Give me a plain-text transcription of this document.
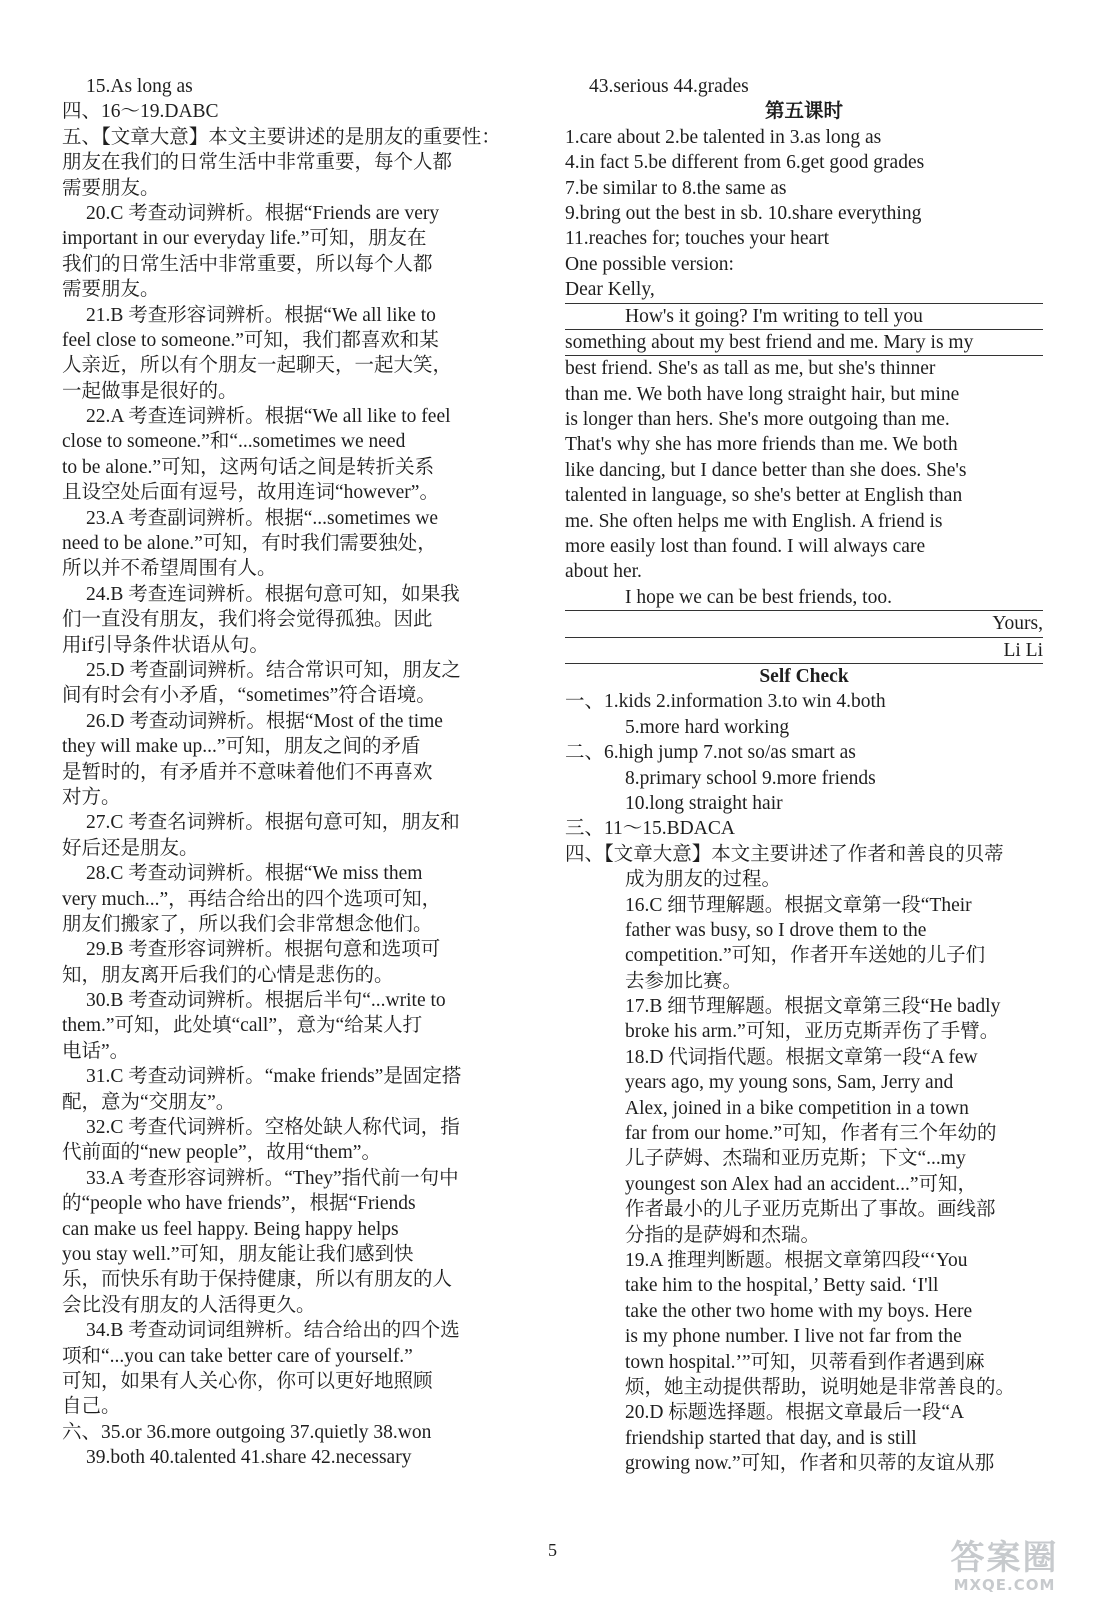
15.As long as
四、16～19.DABC
五、【文章大意】本文主要讲述的是朋友的重要性：
朋友在我们的日常生活中非常重要，每个人都
需要朋友。
20.C 考查动词辨析。根据“Friends are very
important in our everyday life.”可知，朋友在
我们的日常生活中非常重要，所以每个人都
需要朋友。
21.B 考查形容词辨析。根据“We all like to
feel close to someone.”可知，我们都喜欢和某
人亲近，所以有个朋友一起聊天，一起大笑，
一起做事是很好的。
22.A 考查连词辨析。根据“We all like to feel
close to someone.”和“...sometimes we need
to be alone.”可知，这两句话之间是转折关系
且设空处后面有逗号，故用连词“however”。
23.A 考查副词辨析。根据“...sometimes we
need to be alone.”可知，有时我们需要独处，
所以并不希望周围有人。
24.B 考查连词辨析。根据句意可知，如果我
们一直没有朋友，我们将会觉得孤独。因此
用if引导条件状语从句。
25.D 考查副词辨析。结合常识可知，朋友之
间有时会有小矛盾，“sometimes”符合语境。
26.D 考查动词辨析。根据“Most of the time
they will make up...”可知，朋友之间的矛盾
是暂时的，有矛盾并不意味着他们不再喜欢
对方。
27.C 考查名词辨析。根据句意可知，朋友和
好后还是朋友。
28.C 考查动词辨析。根据“We miss them
very much...”，再结合给出的四个选项可知，
朋友们搬家了，所以我们会非常想念他们。
29.B 考查形容词辨析。根据句意和选项可
知，朋友离开后我们的心情是悲伤的。
30.B 考查动词辨析。根据后半句“...write to
them.”可知，此处填“call”，意为“给某人打
电话”。
31.C 考查动词辨析。“make friends”是固定搭
配，意为“交朋友”。
32.C 考查代词辨析。空格处缺人称代词，指
代前面的“new people”，故用“them”。
33.A 考查形容词辨析。“They”指代前一句中
的“people who have friends”，根据“Friends
can make us feel happy. Being happy helps
you stay well.”可知，朋友能让我们感到快
乐，而快乐有助于保持健康，所以有朋友的人
会比没有朋友的人活得更久。
34.B 考查动词词组辨析。结合给出的四个选
项和“...you can take better care of yourself.”
可知，如果有人关心你，你可以更好地照顾
自己。
六、35.or 36.more outgoing 37.quietly 38.won
39.both 40.talented 41.share 42.necessary
43.serious 44.grades
第五课时
1.care about 2.be talented in 3.as long as
4.in fact 5.be different from 6.get good grades
7.be similar to 8.the same as
9.bring out the best in sb. 10.share everything
11.reaches for; touches your heart
One possible version:
Dear Kelly,
How's it going? I'm writing to tell you
something about my best friend and me. Mary is my
best friend. She's as tall as me, but she's thinner
than me. We both have long straight hair, but mine
is longer than hers. She's more outgoing than me.
That's why she has more friends than me. We both
like dancing, but I dance better than she does. She's
talented in language, so she's better at English than
me. She often helps me with English. A friend is
more easily lost than found. I will always care
about her.
I hope we can be best friends, too.
Yours,
Li Li
Self Check
一、1.kids 2.information 3.to win 4.both
5.more hard working
二、6.high jump 7.not so/as smart as
8.primary school 9.more friends
10.long straight hair
三、11～15.BDACA
四、【文章大意】本文主要讲述了作者和善良的贝蒂
成为朋友的过程。
16.C 细节理解题。根据文章第一段“Their
father was busy, so I drove them to the
competition.”可知，作者开车送她的儿子们
去参加比赛。
17.B 细节理解题。根据文章第三段“He badly
broke his arm.”可知，亚历克斯弄伤了手臂。
18.D 代词指代题。根据文章第一段“A few
years ago, my young sons, Sam, Jerry and
Alex, joined in a bike competition in a town
far from our home.”可知，作者有三个年幼的
儿子萨姆、杰瑞和亚历克斯；下文“...my
youngest son Alex had an accident...”可知，
作者最小的儿子亚历克斯出了事故。画线部
分指的是萨姆和杰瑞。
19.A 推理判断题。根据文章第四段“‘You
take him to the hospital,’ Betty said. ‘I'll
take the other two home with my boys. Here
is my phone number. I live not far from the
town hospital.’”可知，贝蒂看到作者遇到麻
烦，她主动提供帮助，说明她是非常善良的。
20.D 标题选择题。根据文章最后一段“A
friendship started that day, and is still
growing now.”可知，作者和贝蒂的友谊从那
5	答案圈
MXQE.COM
